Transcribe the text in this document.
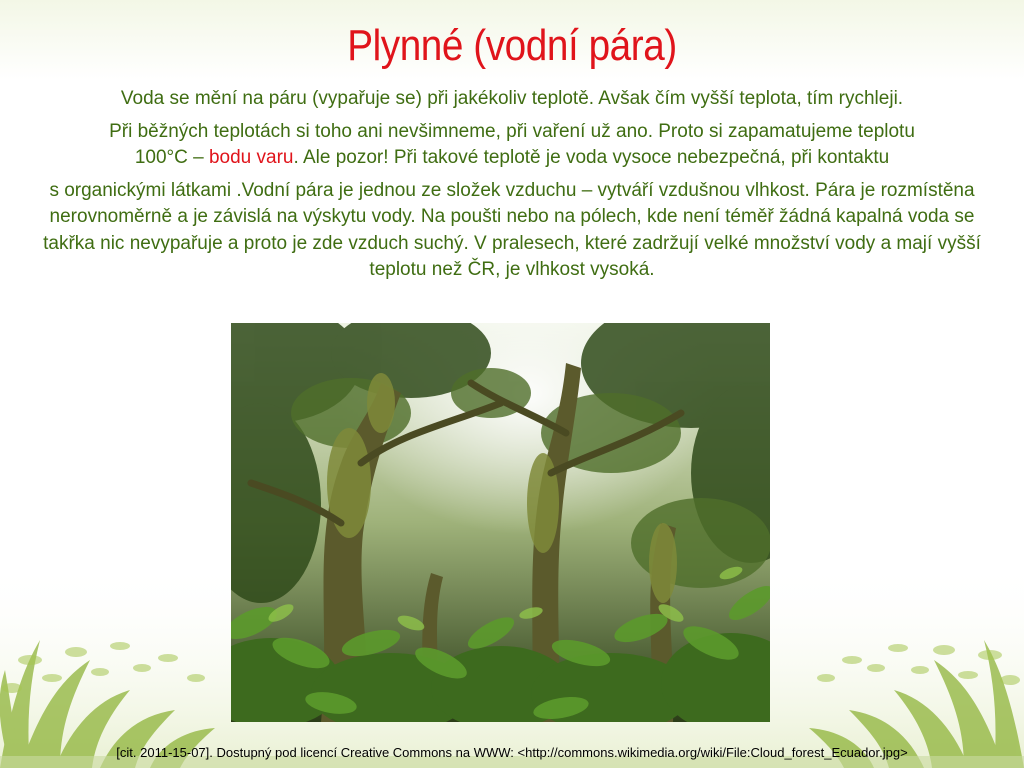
Plynné (vodní pára)

Voda se mění na páru (vypařuje se) při jakékoliv teplotě. Avšak čím vyšší teplota, tím rychleji.

Při běžných teplotách si toho ani nevšimneme, při vaření už ano. Proto si zapamatujeme teplotu
100°C – bodu varu. Ale pozor! Při takové teplotě je voda vysoce nebezpečná, při kontaktu

s organickými látkami .Vodní pára je jednou ze složek vzduchu – vytváří vzdušnou vlhkost. Pára je rozmístěna nerovnoměrně a je závislá na výskytu vody. Na poušti nebo na pólech, kde není téměř žádná kapalná voda se takřka nic nevypařuje a proto je zde vzduch suchý. V pralesech, které zadržují velké množství vody a mají vyšší teplotu než ČR, je vlhkost vysoká.

[cit. 2011-15-07]. Dostupný pod licencí Creative Commons na WWW: <http://commons.wikimedia.org/wiki/File:Cloud_forest_Ecuador.jpg>
